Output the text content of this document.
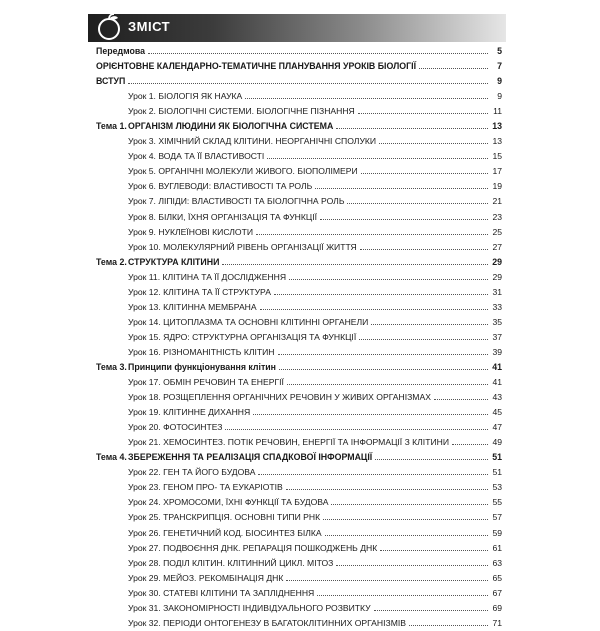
ЗМІСТ
Передмова	5
ОРІЄНТОВНЕ КАЛЕНДАРНО-ТЕМАТИЧНЕ ПЛАНУВАННЯ УРОКІВ БІОЛОГІЇ	7
ВСТУП	9
Урок 1. БІОЛОГІЯ ЯК НАУКА	9
Урок 2. БІОЛОГІЧНІ СИСТЕМИ. БІОЛОГІЧНЕ ПІЗНАННЯ	11
Тема 1. ОРГАНІЗМ ЛЮДИНИ ЯК БІОЛОГІЧНА СИСТЕМА	13
Урок 3. ХІМІЧНИЙ СКЛАД КЛІТИНИ. НЕОРГАНІЧНІ СПОЛУКИ	13
Урок 4. ВОДА ТА ЇЇ ВЛАСТИВОСТІ	15
Урок 5. ОРГАНІЧНІ МОЛЕКУЛИ ЖИВОГО. БІОПОЛІМЕРИ	17
Урок 6. ВУГЛЕВОДИ: ВЛАСТИВОСТІ ТА РОЛЬ	19
Урок 7. ЛІПІДИ: ВЛАСТИВОСТІ ТА БІОЛОГІЧНА РОЛЬ	21
Урок 8. БІЛКИ, ЇХНЯ ОРГАНІЗАЦІЯ ТА ФУНКЦІЇ	23
Урок 9. НУКЛЕЇНОВІ КИСЛОТИ	25
Урок 10. МОЛЕКУЛЯРНИЙ РІВЕНЬ ОРГАНІЗАЦІЇ ЖИТТЯ	27
Тема 2. СТРУКТУРА КЛІТИНИ	29
Урок 11. КЛІТИНА ТА ЇЇ ДОСЛІДЖЕННЯ	29
Урок 12. КЛІТИНА ТА ЇЇ СТРУКТУРА	31
Урок 13. КЛІТИННА МЕМБРАНА	33
Урок 14. ЦИТОПЛАЗМА ТА ОСНОВНІ КЛІТИННІ ОРГАНЕЛИ	35
Урок 15. ЯДРО: СТРУКТУРНА ОРГАНІЗАЦІЯ ТА ФУНКЦІЇ	37
Урок 16. РІЗНОМАНІТНІСТЬ КЛІТИН	39
Тема 3. Принципи функціонування клітин	41
Урок 17. ОБМІН РЕЧОВИН ТА ЕНЕРГІЇ	41
Урок 18. РОЗЩЕПЛЕННЯ ОРГАНІЧНИХ РЕЧОВИН У ЖИВИХ ОРГАНІЗМАХ	43
Урок 19. КЛІТИННЕ ДИХАННЯ	45
Урок 20. ФОТОСИНТЕЗ	47
Урок 21. ХЕМОСИНТЕЗ. ПОТІК РЕЧОВИН, ЕНЕРГІЇ ТА ІНФОРМАЦІЇ З КЛІТИНИ	49
Тема 4. ЗБЕРЕЖЕННЯ ТА РЕАЛІЗАЦІЯ СПАДКОВОЇ ІНФОРМАЦІЇ	51
Урок 22. ГЕН ТА ЙОГО БУДОВА	51
Урок 23. ГЕНОМ ПРО- ТА ЕУКАРІОТІВ	53
Урок 24. ХРОМОСОМИ, ЇХНІ ФУНКЦІЇ ТА БУДОВА	55
Урок 25. ТРАНСКРИПЦІЯ. ОСНОВНІ ТИПИ РНК	57
Урок 26. ГЕНЕТИЧНИЙ КОД. БІОСИНТЕЗ БІЛКА	59
Урок 27. ПОДВОЄННЯ ДНК. РЕПАРАЦІЯ ПОШКОДЖЕНЬ ДНК	61
Урок 28. ПОДІЛ КЛІТИН. КЛІТИННИЙ ЦИКЛ. МІТОЗ	63
Урок 29. МЕЙОЗ. РЕКОМБІНАЦІЯ ДНК	65
Урок 30. СТАТЕВІ КЛІТИНИ ТА ЗАПЛІДНЕННЯ	67
Урок 31. ЗАКОНОМІРНОСТІ ІНДИВІДУАЛЬНОГО РОЗВИТКУ	69
Урок 32. ПЕРІОДИ ОНТОГЕНЕЗУ В БАГАТОКЛІТИННИХ ОРГАНІЗМІВ	71
